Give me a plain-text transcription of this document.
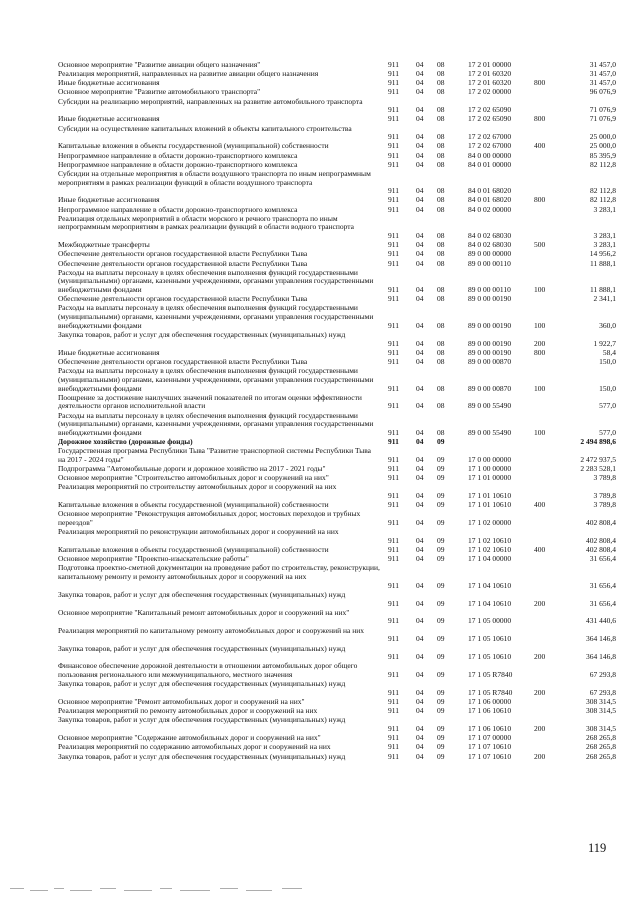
Основное мероприятие "Развитие авиации общего назначения"	911 04 08	17 2 01 00000	31 457,0
Реализация мероприятий, направленных на развитие авиации общего назначения	911 04 08	17 2 01 60320	31 457,0
Иные бюджетные ассигнования	911 04 08	17 2 01 60320	800	31 457,0
Основное мероприятие "Развитие автомобильного транспорта"	911 04 08	17 2 02 00000	96 076,9
Субсидии на реализацию мероприятий, направленных на развитие автомобильного транспорта
911 04 08	17 2 02 65090	71 076,9
Иные бюджетные ассигнования	911 04 08	17 2 02 65090	800	71 076,9
Субсидии на осуществление капитальных вложений в объекты капитального строительства
911 04 08	17 2 02 67000	25 000,0
Капитальные вложения в объекты государственной (муниципальной) собственности	911 04 08	17 2 02 67000	400	25 000,0
Непрограммное направление в области дорожно-транспортного комплекса	911 04 08	84 0 00 00000	85 395,9
Непрограммное направление в области дорожно-транспортного комплекса	911 04 08	84 0 01 00000	82 112,8
Субсидии на отдельные мероприятия в области воздушного транспорта по иным непрограммным мероприятиям в рамках реализации функций в области воздушного транспорта
911 04 08	84 0 01 68020	82 112,8
Иные бюджетные ассигнования	911 04 08	84 0 01 68020	800	82 112,8
Непрограммное направление в области дорожно-транспортного комплекса	911 04 08	84 0 02 00000	3 283,1
Реализация отдельных мероприятий в области морского и речного транспорта по иным непрограммным мероприятиям в рамках реализации функций в области водного транспорта
911 04 08	84 0 02 68030	3 283,1
Межбюджетные трансферты	911 04 08	84 0 02 68030	500	3 283,1
Обеспечение деятельности органов государственной власти Республики Тыва	911 04 08	89 0 00 00000	14 956,2
Обеспечение деятельности органов государственной власти Республики Тыва	911 04 08	89 0 00 00110	11 888,1
Расходы на выплаты персоналу в целях обеспечения выполнения функций государственными (муниципальными) органами, казенными учреждениями, органами управления государственными внебюджетными фондами	911 04 08	89 0 00 00110	100	11 888,1
Обеспечение деятельности органов государственной власти Республики Тыва	911 04 08	89 0 00 00190	2 341,1
Расходы на выплаты персоналу в целях обеспечения выполнения функций государственными (муниципальными) органами, казенными учреждениями, органами управления государственными внебюджетными фондами	911 04 08	89 0 00 00190	100	360,0
Закупка товаров, работ и услуг для обеспечения государственных (муниципальных) нужд
911 04 08	89 0 00 00190	200	1 922,7
Иные бюджетные ассигнования	911 04 08	89 0 00 00190	800	58,4
Обеспечение деятельности органов государственной власти Республики Тыва	911 04 08	89 0 00 00870	150,0
Расходы на выплаты персоналу в целях обеспечения выполнения функций государственными (муниципальными) органами, казенными учреждениями, органами управления государственными внебюджетными фондами	911 04 08	89 0 00 00870	100	150,0
Поощрение за достижение наилучших значений показателей по итогам оценки эффективности деятельности органов исполнительной власти	911 04 08	89 0 00 55490	577,0
Расходы на выплаты персоналу в целях обеспечения выполнения функций государственными (муниципальными) органами, казенными учреждениями, органами управления государственными внебюджетными фондами	911 04 08	89 0 00 55490	100	577,0
Дорожное хозяйство (дорожные фонды)	911 04 09	2 494 898,6
Государственная программа Республики Тыва "Развитие транспортной системы Республики Тыва на 2017 - 2024 годы"	911 04 09	17 0 00 00000	2 472 937,5
Подпрограмма "Автомобильные дороги и дорожное хозяйство на 2017 - 2021 годы"	911 04 09	17 1 00 00000	2 283 528,1
Основное мероприятие "Строительство автомобильных дорог и сооружений на них"	911 04 09	17 1 01 00000	3 789,8
Реализация мероприятий по строительству автомобильных дорог и сооружений на них
911 04 09	17 1 01 10610	3 789,8
Капитальные вложения в объекты государственной (муниципальной) собственности	911 04 09	17 1 01 10610	400	3 789,8
Основное мероприятие "Реконструкция автомобильных дорог, мостовых переходов и трубных переездов"	911 04 09	17 1 02 00000	402 808,4
Реализация мероприятий по реконструкции автомобильных дорог и сооружений на них
911 04 09	17 1 02 10610	402 808,4
Капитальные вложения в объекты государственной (муниципальной) собственности	911 04 09	17 1 02 10610	400	402 808,4
Основное мероприятие "Проектно-изыскательские работы"	911 04 09	17 1 04 00000	31 656,4
Подготовка проектно-сметной документации на проведение работ по строительству, реконструкции, капитальному ремонту и ремонту автомобильных дорог и сооружений на них
911 04 09	17 1 04 10610	31 656,4
Закупка товаров, работ и услуг для обеспечения государственных (муниципальных) нужд
911 04 09	17 1 04 10610	200	31 656,4
Основное мероприятие "Капитальный ремонт автомобильных дорог и сооружений на них"
911 04 09	17 1 05 00000	431 440,6
Реализация мероприятий по капитальному ремонту автомобильных дорог и сооружений на них
911 04 09	17 1 05 10610	364 146,8
Закупка товаров, работ и услуг для обеспечения государственных (муниципальных) нужд
911 04 09	17 1 05 10610	200	364 146,8
Финансовое обеспечение дорожной деятельности в отношении автомобильных дорог общего пользования регионального или межмуниципального, местного значения	911 04 09	17 1 05 R7840	67 293,8
Закупка товаров, работ и услуг для обеспечения государственных (муниципальных) нужд
911 04 09	17 1 05 R7840	200	67 293,8
Основное мероприятие "Ремонт автомобильных дорог и сооружений на них"	911 04 09	17 1 06 00000	308 314,5
Реализация мероприятий по ремонту автомобильных дорог и сооружений на них	911 04 09	17 1 06 10610	308 314,5
Закупка товаров, работ и услуг для обеспечения государственных (муниципальных) нужд
911 04 09	17 1 06 10610	200	308 314,5
Основное мероприятие "Содержание автомобильных дорог и сооружений на них"	911 04 09	17 1 07 00000	268 265,8
Реализация мероприятий по содержанию автомобильных дорог и сооружений на них	911 04 09	17 1 07 10610	268 265,8
Закупка товаров, работ и услуг для обеспечения государственных (муниципальных) нужд	911 04 09	17 1 07 10610	200	268 265,8
119
